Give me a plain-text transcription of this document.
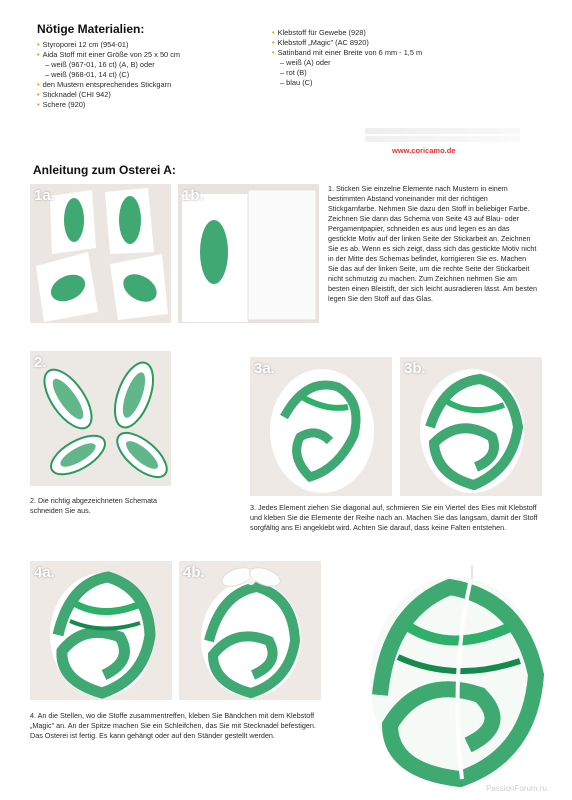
Nötige Materialien:
• Styroporei 12 cm (954-01)
• Aida Stoff mit einer Größe von 25 x 50 cm
– weiß (967-01, 16 ct) (A, B) oder
– weiß (968-01, 14 ct) (C)
• den Mustern entsprechendes Stickgarn
• Sticknadel (CHI 942)
• Schere (920)
• Klebstoff für Gewebe (928)
• Klebstoff „Magic" (AC 8920)
• Satinband mit einer Breite von 6 mm - 1,5 m
– weiß (A) oder
– rot (B)
– blau (C)
www.coricamo.de
Anleitung zum Osterei A:
1a.	1b.	1. Sticken Sie einzelne Elemente nach Mustern in einem bestimmten Abstand voneinander mit der richtigen Stickgarnfarbe. Nehmen Sie dazu den Stoff in beliebiger Farbe. Zeichnen Sie dann das Schema von Seite 43 auf Blau- oder Pergamentpapier, schneiden es aus und legen es an das gestickte Motiv auf der linken Seite der Stickarbeit an. Zeichnen Sie es ab. Wenn es sich zeigt, dass sich das gestickte Motiv nicht in der Mitte des Schemas befindet, korrigieren Sie es. Machen Sie das auf der linken Seite, um die rechte Seite der Stickarbeit nicht schmutzig zu machen. Zum Zeichnen nehmen Sie am besten einen Bleistift, der sich leicht ausradieren lässt. Am besten legen Sie den Stoff auf das Glas.
2.
2. Die richtig abgezeichneten Schemata schneiden Sie aus.
3a.	3b.
3. Jedes Element ziehen Sie diagonal auf, schmieren Sie ein Viertel des Eies mit Klebstoff und kleben Sie die Elemente der Reihe nach an. Machen Sie das langsam, damit der Stoff sorgfältig ans Ei angeklebt wird. Achten Sie darauf, dass keine Falten entstehen.
4a.	4b.
4. An die Stellen, wo die Stoffe zusammentreffen, kleben Sie Bändchen mit dem Klebstoff „Magic" an. An der Spitze machen Sie ein Schleifchen, das Sie mit Stecknadel befestigen. Das Osterei ist fertig. Es kann gehängt oder auf den Ständer gestellt werden.
PassionForum.ru
